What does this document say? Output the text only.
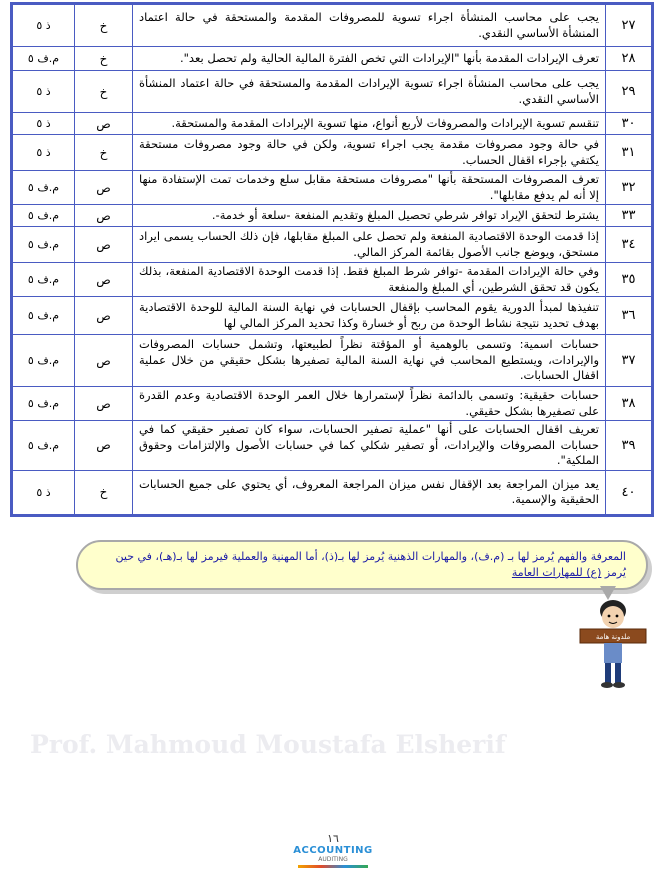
٢٧	يجب على محاسب المنشأة اجراء تسوية للمصروفات المقدمة والمستحقة في حالة اعتماد المنشأة الأساسي النقدي.	خ	ذ ٥
٢٨	تعرف الإيرادات المقدمة بأنها "الإيرادات التي تخص الفترة المالية الحالية ولم تحصل بعد".	خ	م.ف ٥
٢٩	يجب على محاسب المنشأة اجراء تسوية الإيرادات المقدمة والمستحقة في حالة اعتماد المنشأة الأساسي النقدي.	خ	ذ ٥
٣٠	تنقسم تسوية الإيرادات والمصروفات لأربع أنواع، منها تسوية الإيرادات المقدمة والمستحقة.	ص	ذ ٥
٣١	في حالة وجود مصروفات مقدمة يجب اجراء تسوية، ولكن في حالة وجود مصروفات مستحقة يكتفي بإجراء اقفال الحساب.	خ	ذ ٥
٣٢	تعرف المصروفات المستحقة بأنها "مصروفات مستحقة مقابل سلع وخدمات تمت الإستفادة منها إلا أنه لم يدفع مقابلها".	ص	م.ف ٥
٣٣	يشترط لتحقق الإيراد توافر شرطي تحصيل المبلغ وتقديم المنفعة -سلعة أو خدمة-.	ص	م.ف ٥
٣٤	إذا قدمت الوحدة الاقتصادية المنفعة ولم تحصل على المبلغ مقابلها، فإن ذلك الحساب يسمى ايراد مستحق، ويوضع جانب الأصول بقائمة المركز المالي.	ص	م.ف ٥
٣٥	وفي حالة الإيرادات المقدمة -توافر شرط المبلغ فقط. إذا قدمت الوحدة الاقتصادية المنفعة، بذلك يكون قد تحقق الشرطين، أي المبلغ والمنفعة	ص	م.ف ٥
٣٦	تنفيذها لمبدأ الدورية يقوم المحاسب بإقفال الحسابات في نهاية السنة المالية للوحدة الاقتصادية بهدف تحديد نتيجة نشاط الوحدة من ربح أو خسارة وكذا تحديد المركز المالي لها	ص	م.ف ٥
٣٧	حسابات اسمية: وتسمى بالوهمية أو المؤقتة نظراً لطبيعتها، وتشمل حسابات المصروفات والإيرادات، ويستطيع المحاسب في نهاية السنة المالية تصفيرها بشكل حقيقي من خلال عملية اقفال الحسابات.	ص	م.ف ٥
٣٨	حسابات حقيقية: وتسمى بالدائمة نظراً لإستمرارها خلال العمر الوحدة الاقتصادية وعدم القدرة على تصفيرها بشكل حقيقي.	ص	م.ف ٥
٣٩	تعريف اقفال الحسابات على أنها "عملية تصفير الحسابات، سواء كان تصفير حقيقي كما في حسابات المصروفات والإيرادات، أو تصفير شكلي كما في حسابات الأصول والإلتزامات وحقوق الملكية".	ص	م.ف ٥
٤٠	يعد ميزان المراجعة بعد الإقفال نفس ميزان المراجعة المعروف، أي يحتوي على جميع الحسابات الحقيقية والإسمية.	خ	ذ ٥
المعرفة والفهم يُرمز لها بـ (م.ف)، والمهارات الذهنية يُرمز لها بـ(ذ)، أما المهنية والعملية فيرمز لها بـ(هـ)، في حين يُرمز (ع) للمهارات العامة
ملدونة هامة
Prof. Mahmoud Moustafa Elsherif
١٦
ACCOUNTING
AUDITING
